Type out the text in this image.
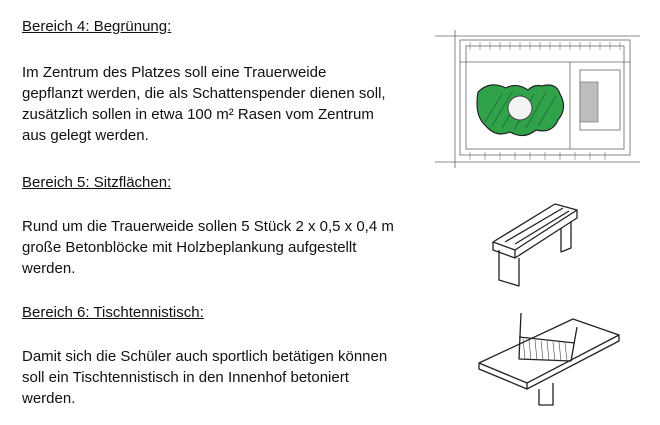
Bereich 4: Begrünung:

Im Zentrum des Platzes soll eine Trauerweide
gepflanzt werden, die als Schattenspender dienen soll,
zusätzlich sollen in etwa 100 m² Rasen vom Zentrum
aus gelegt werden.

Bereich 5: Sitzflächen:

Rund um die Trauerweide sollen 5 Stück 2 x 0,5 x 0,4 m
große Betonblöcke mit Holzbeplankung aufgestellt
werden.

Bereich 6: Tischtennistisch:

Damit sich die Schüler auch sportlich betätigen können
soll ein Tischtennistisch in den Innenhof betoniert
werden.
